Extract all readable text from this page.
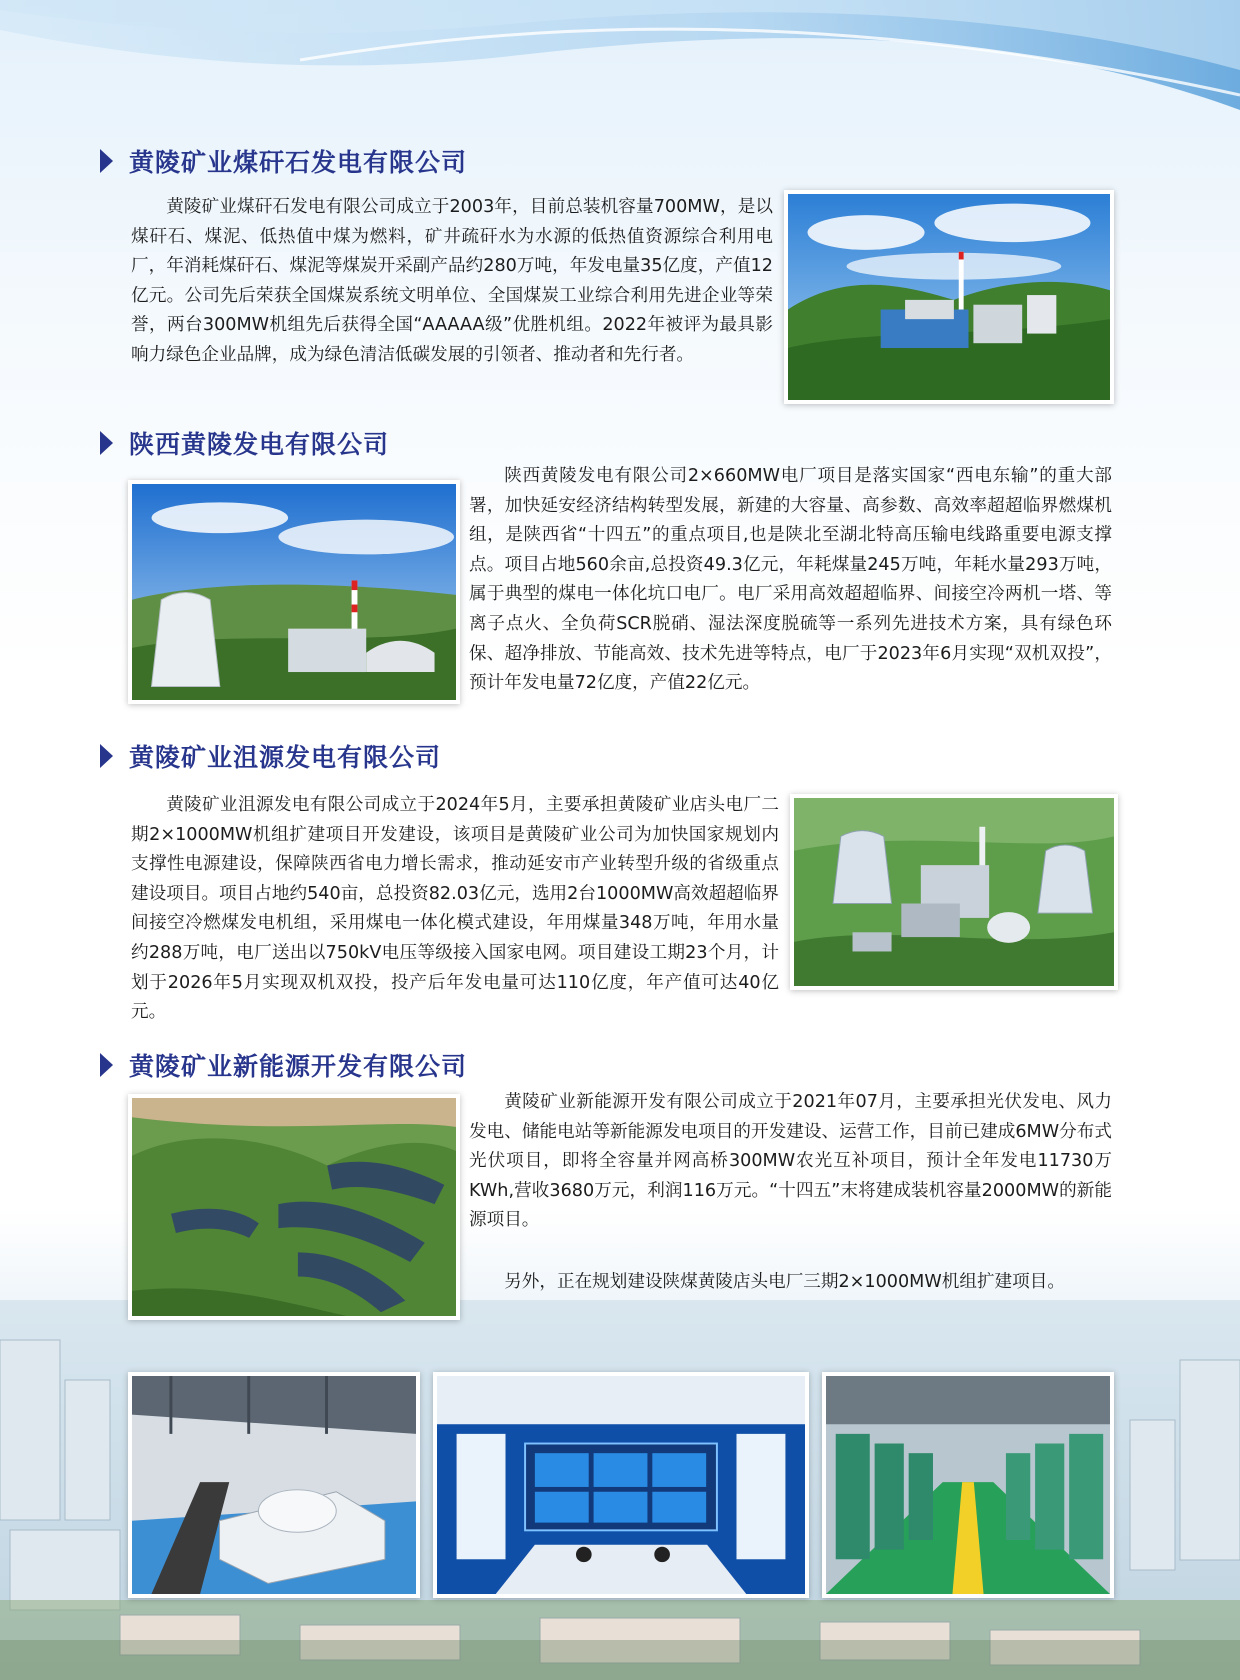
黄陵矿业煤矸石发电有限公司

黄陵矿业煤矸石发电有限公司成立于2003年，目前总装机容量700MW，是以煤矸石、煤泥、低热值中煤为燃料，矿井疏矸水为水源的低热值资源综合利用电厂，年消耗煤矸石、煤泥等煤炭开采副产品约280万吨，年发电量35亿度，产值12亿元。公司先后荣获全国煤炭系统文明单位、全国煤炭工业综合利用先进企业等荣誉，两台300MW机组先后获得全国“AAAAA级”优胜机组。2022年被评为最具影响力绿色企业品牌，成为绿色清洁低碳发展的引领者、推动者和先行者。

陕西黄陵发电有限公司

陕西黄陵发电有限公司2×660MW电厂项目是落实国家“西电东输”的重大部署，加快延安经济结构转型发展，新建的大容量、高参数、高效率超超临界燃煤机组，是陕西省“十四五”的重点项目,也是陕北至湖北特高压输电线路重要电源支撑点。项目占地560余亩,总投资49.3亿元，年耗煤量245万吨，年耗水量293万吨，属于典型的煤电一体化坑口电厂。电厂采用高效超超临界、间接空冷两机一塔、等离子点火、全负荷SCR脱硝、湿法深度脱硫等一系列先进技术方案，具有绿色环保、超净排放、节能高效、技术先进等特点，电厂于2023年6月实现“双机双投”，预计年发电量72亿度，产值22亿元。

黄陵矿业沮源发电有限公司

黄陵矿业沮源发电有限公司成立于2024年5月，主要承担黄陵矿业店头电厂二期2×1000MW机组扩建项目开发建设，该项目是黄陵矿业公司为加快国家规划内支撑性电源建设，保障陕西省电力增长需求，推动延安市产业转型升级的省级重点建设项目。项目占地约540亩，总投资82.03亿元，选用2台1000MW高效超超临界间接空冷燃煤发电机组，采用煤电一体化模式建设，年用煤量348万吨，年用水量约288万吨，电厂送出以750kV电压等级接入国家电网。项目建设工期23个月，计划于2026年5月实现双机双投，投产后年发电量可达110亿度，年产值可达40亿元。

黄陵矿业新能源开发有限公司

黄陵矿业新能源开发有限公司成立于2021年07月，主要承担光伏发电、风力发电、储能电站等新能源发电项目的开发建设、运营工作，目前已建成6MW分布式光伏项目，即将全容量并网高桥300MW农光互补项目，预计全年发电11730万KWh,营收3680万元，利润116万元。“十四五”末将建成装机容量2000MW的新能源项目。

另外，正在规划建设陕煤黄陵店头电厂三期2×1000MW机组扩建项目。
